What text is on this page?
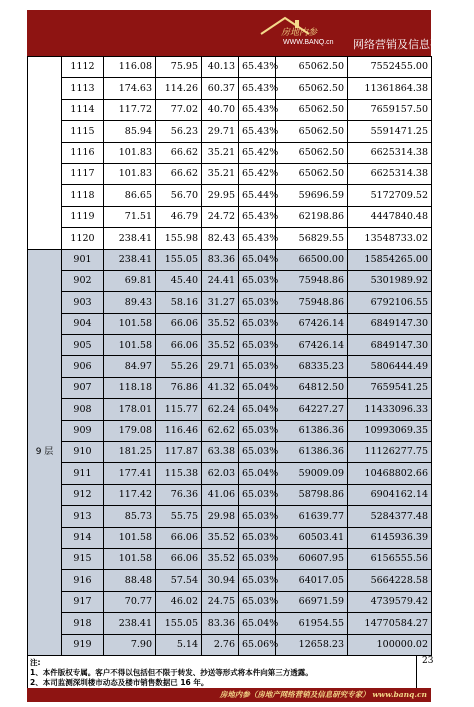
房地内参
WWW.BANQ.cn 网络营销及信息研究专家
	1112	116.08	75.95	40.13	65.43%	65062.50	7552455.00
	1113	174.63	114.26	60.37	65.43%	65062.50	11361864.38
	1114	117.72	77.02	40.70	65.43%	65062.50	7659157.50
	1115	85.94	56.23	29.71	65.43%	65062.50	5591471.25
	1116	101.83	66.62	35.21	65.42%	65062.50	6625314.38
	1117	101.83	66.62	35.21	65.42%	65062.50	6625314.38
	1118	86.65	56.70	29.95	65.44%	59696.59	5172709.52
	1119	71.51	46.79	24.72	65.43%	62198.86	4447840.48
	1120	238.41	155.98	82.43	65.43%	56829.55	13548733.02
9 层	901	238.41	155.05	83.36	65.04%	66500.00	15854265.00
	902	69.81	45.40	24.41	65.03%	75948.86	5301989.92
	903	89.43	58.16	31.27	65.03%	75948.86	6792106.55
	904	101.58	66.06	35.52	65.03%	67426.14	6849147.30
	905	101.58	66.06	35.52	65.03%	67426.14	6849147.30
	906	84.97	55.26	29.71	65.03%	68335.23	5806444.49
	907	118.18	76.86	41.32	65.04%	64812.50	7659541.25
	908	178.01	115.77	62.24	65.04%	64227.27	11433096.33
	909	179.08	116.46	62.62	65.03%	61386.36	10993069.35
	910	181.25	117.87	63.38	65.03%	61386.36	11126277.75
	911	177.41	115.38	62.03	65.04%	59009.09	10468802.66
	912	117.42	76.36	41.06	65.03%	58798.86	6904162.14
	913	85.73	55.75	29.98	65.03%	61639.77	5284377.48
	914	101.58	66.06	35.52	65.03%	60503.41	6145936.39
	915	101.58	66.06	35.52	65.03%	60607.95	6156555.56
	916	88.48	57.54	30.94	65.03%	64017.05	5664228.58
	917	70.77	46.02	24.75	65.03%	66971.59	4739579.42
	918	238.41	155.05	83.36	65.04%	61954.55	14770584.27
	919	7.90	5.14	2.76	65.06%	12658.23	100000.02
注:
1、本件版权专属。客户不得以包括但不限于转发、抄送等形式将本件向第三方透露。
2、本司监测深圳楼市动态及楼市销售数据已 16 年。
23
房地内参（房地产网络营销及信息研究专家） www.banq.cn
